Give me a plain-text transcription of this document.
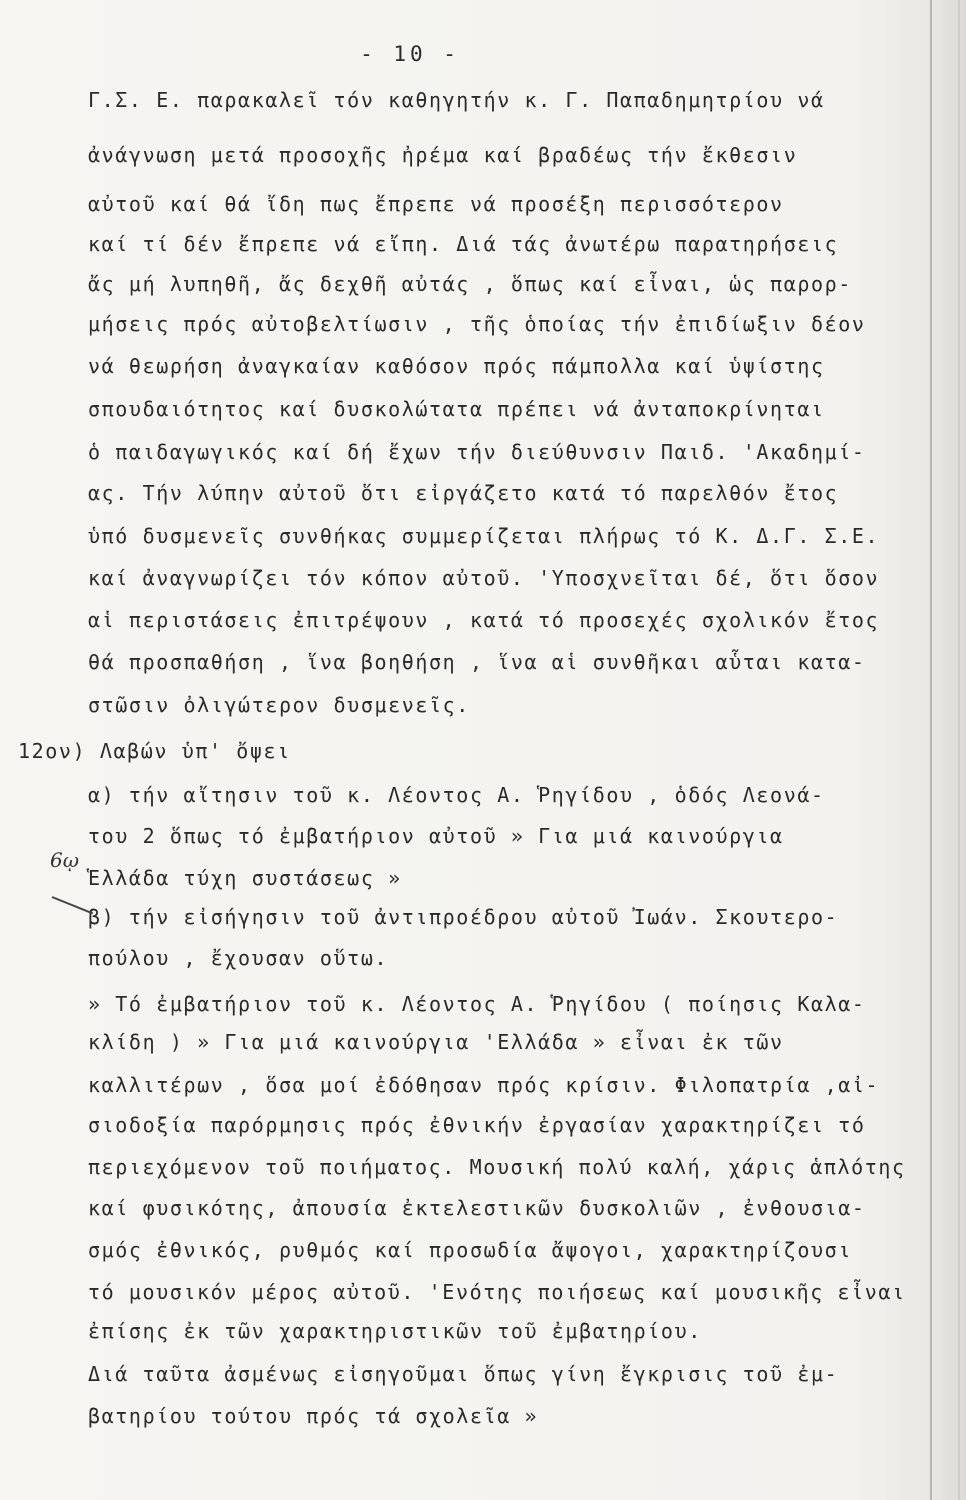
- 10 -
Γ.Σ. Ε. παρακαλεῖ τόν καθηγητήν κ. Γ. Παπαδημητρίου νά
ἀνάγνωση μετά προσοχῆς ἠρέμα καί βραδέως τήν ἔκθεσιν
αὐτοῦ καί θά ἴδη πως ἔπρεπε νά προσέξη περισσότερον
καί τί δέν ἔπρεπε νά εἴπη. Διά τάς ἀνωτέρω παρατηρήσεις
ἄς μή λυπηθῆ, ἄς δεχθῆ αὐτάς , ὅπως καί εἶναι, ὡς παρορ-
μήσεις πρός αὐτοβελτίωσιν , τῆς ὁποίας τήν ἐπιδίωξιν δέον
νά θεωρήση ἀναγκαίαν καθόσον πρός πάμπολλα καί ὑψίστης
σπουδαιότητος καί δυσκολώτατα πρέπει νά ἀνταποκρίνηται
ὁ παιδαγωγικός καί δή ἔχων τήν διεύθυνσιν Παιδ. 'Ακαδημί-
ας. Τήν λύπην αὐτοῦ ὅτι εἰργάζετο κατά τό παρελθόν ἔτος
ὑπό δυσμενεῖς συνθήκας συμμερίζεται πλήρως τό Κ. Δ.Γ. Σ.Ε.
καί ἀναγνωρίζει τόν κόπον αὐτοῦ. 'Υποσχνεῖται δέ, ὅτι ὅσον
αἱ περιστάσεις ἐπιτρέψουν , κατά τό προσεχές σχολικόν ἔτος
θά προσπαθήση , ἵνα βοηθήση , ἵνα αἱ συνθῆκαι αὗται κατα-
στῶσιν ὀλιγώτερον δυσμενεῖς.
12ον) Λαβών ὑπ' ὄψει
α) τήν αἴτησιν τοῦ κ. Λέοντος Α. Ῥηγίδου , ὁδός Λεονά-
του 2 ὅπως τό ἐμβατήριον αὐτοῦ » Για μιά καινούργια
Ἑλλάδα τύχη συστάσεως »
β) τήν εἰσήγησιν τοῦ ἀντιπροέδρου αὐτοῦ Ἰωάν. Σκουτερο-
πούλου , ἔχουσαν οὕτω.
» Τό ἐμβατήριον τοῦ κ. Λέοντος Α. Ῥηγίδου ( ποίησις Καλα-
κλίδη ) » Για μιά καινούργια 'Ελλάδα » εἶναι ἐκ τῶν
καλλιτέρων , ὅσα μοί ἐδόθησαν πρός κρίσιν. Φιλοπατρία ,αἰ-
σιοδοξία παρόρμησις πρός ἐθνικήν ἐργασίαν χαρακτηρίζει τό
περιεχόμενον τοῦ ποιήματος. Μουσική πολύ καλή, χάρις ἁπλότης
καί φυσικότης, ἀπουσία ἐκτελεστικῶν δυσκολιῶν , ἐνθουσια-
σμός ἐθνικός, ρυθμός καί προσωδία ἄψογοι, χαρακτηρίζουσι
τό μουσικόν μέρος αὐτοῦ. 'Ενότης ποιήσεως καί μουσικῆς εἶναι
ἐπίσης ἐκ τῶν χαρακτηριστικῶν τοῦ ἐμβατηρίου.
Διά ταῦτα ἀσμένως εἰσηγοῦμαι ὅπως γίνη ἔγκρισις τοῦ ἐμ-
βατηρίου τούτου πρός τά σχολεῖα »
6ῳ
